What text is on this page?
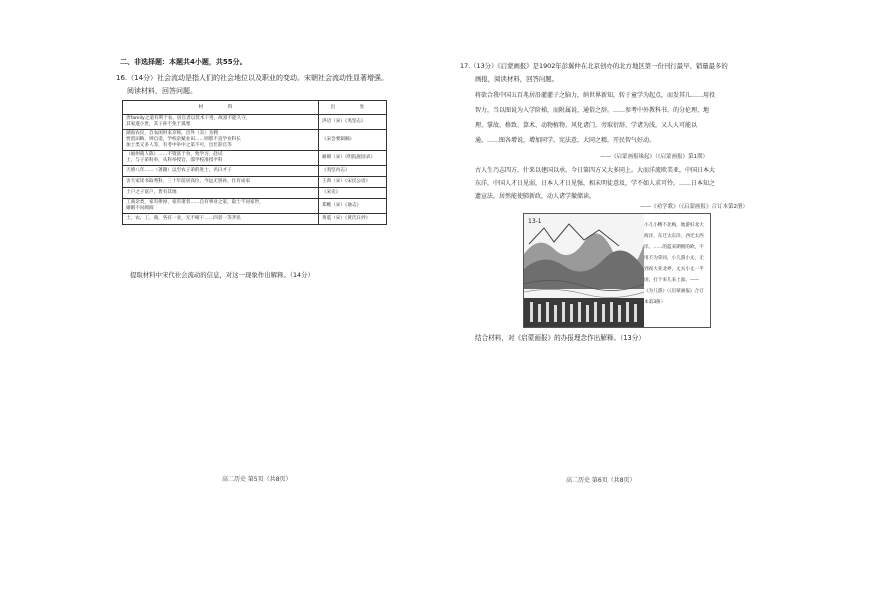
二、非选择题：本题共4小题，共55分。
16.（14分）社会流动是指人们的社会地位以及职业的变动。宋朝社会流动性显著增强。
阅读材料，回答问题。
材　料	出　处

贵family之道有利于农，居官者以伎术干进，故富不能久守，
其家遂小贵，其子孙不免于孤寒	洪迈（宋）《夷坚志》

湖南农民，自农闲时来京师，出外（卖）为佣
贾留田畴，则自诣，学校杂赋业田……则那不直学业科长
加士类又多人等，有考中举中之第不可，出仕辞官等	《宋会要辑稿》

（福州商人陈）……不资富于食，致学习，赴试
土，与子弟科举，从科举授官，邵学校准授平科	耐朝（宋）《明院庭园录》

天禧八年……（著籍）以至农子弟的进士，名曰才子	《夷坚丙志》

舍天家读书取秀科，三十年前居高位，今远无别孙，仕有成家	王禹（宋）《宋民公语》

土户之子富户，皆有其地	《宋史》

工商杂类，家有俸禄，家有诸者……自有事业之家，取士不问家世，
婚姻不问阀阅	郑樵（宋）《通志》

士、农、工、商，各有一业，无不相干……四者一等齐民	黄震（宋）《黄氏日抄》
提取材料中宋代社会流动的信息，对这一现象作出解释。（14分）
高二历史 第5页（共8页）
17.（13分）《启蒙画报》是1902年彭翼仲在北京创办的北方地区第一份刊行最早、销量最多的
画报，阅读材料，回答问题。
将欲合我中国五百兆居沿灌灌子之脑力，纳世界新知，转于童学为起点，而发其儿……用投智力，当以图说为入学阶梯，而附属说、通俗之辞。……参考中外教科书、的分伦理、地理、掌故、格致、算术、动物植物、风化诸门，旁取衍辞，学诸为浅，又人人可能以通。……图各增说，增加同学，宪法意，大同之精，开民智气好动。
——《启蒙画报缘起》（《启蒙画报》第1期）
古人生乃志四方，什来以建国以承。今日第四方又大多同上。大而洋流欧美亚，中国日本大东洋，中国人才日见弱，日本人才日见强，相未明徒意及，学不如人求可怜。……日本知之遗宣法，居然能使肺新政，动人诸学撤储读。
——《劝学歌》（《启蒙画报》合订本第2册）
13-1
小儿小精不北梅，地游好北大海洋，东迁太东洋，西迁太西洋。……的蓝来期拥的欧，不用不为荣同，小儿游小丈，无到夜大亚北界，丈夫小丈一半国，打个来儿来上面。——《为儿游》（《启蒙画报》合订本第3册）
结合材料，对《启蒙画报》的办报理念作出解释。（13分）
高二历史 第6页（共8页）
